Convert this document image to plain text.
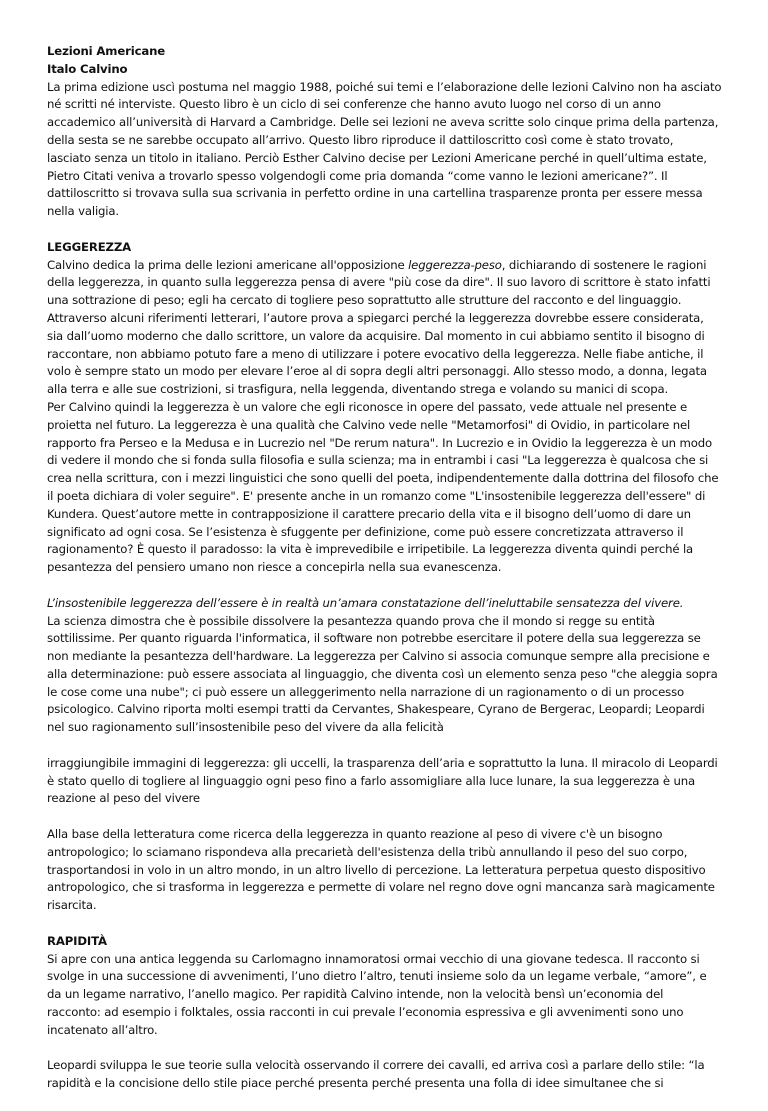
Lezioni Americane
Italo Calvino

La prima edizione uscì postuma nel maggio 1988, poiché sui temi e l’elaborazione delle lezioni Calvino non ha asciato
né scritti né interviste. Questo libro è un ciclo di sei conferenze che hanno avuto luogo nel corso di un anno
accademico all’università di Harvard a Cambridge. Delle sei lezioni ne aveva scritte solo cinque prima della partenza,
della sesta se ne sarebbe occupato all’arrivo. Questo libro riproduce il dattiloscritto così come è stato trovato,
lasciato senza un titolo in italiano. Perciò Esther Calvino decise per Lezioni Americane perché in quell’ultima estate,
Pietro Citati veniva a trovarlo spesso volgendogli come pria domanda “come vanno le lezioni americane?”. Il
dattiloscritto si trovava sulla sua scrivania in perfetto ordine in una cartellina trasparenze pronta per essere messa
nella valigia.

LEGGEREZZA

Calvino dedica la prima delle lezioni americane all'opposizione leggerezza-peso, dichiarando di sostenere le ragioni
della leggerezza, in quanto sulla leggerezza pensa di avere "più cose da dire". Il suo lavoro di scrittore è stato infatti
una sottrazione di peso; egli ha cercato di togliere peso soprattutto alle strutture del racconto e del linguaggio.
Attraverso alcuni riferimenti letterari, l’autore prova a spiegarci perché la leggerezza dovrebbe essere considerata,
sia dall’uomo moderno che dallo scrittore, un valore da acquisire. Dal momento in cui abbiamo sentito il bisogno di
raccontare, non abbiamo potuto fare a meno di utilizzare i potere evocativo della leggerezza. Nelle fiabe antiche, il
volo è sempre stato un modo per elevare l’eroe al di sopra degli altri personaggi. Allo stesso modo, a donna, legata
alla terra e alle sue costrizioni, si trasfigura, nella leggenda, diventando strega e volando su manici di scopa.
Per Calvino quindi la leggerezza è un valore che egli riconosce in opere del passato, vede attuale nel presente e
proietta nel futuro. La leggerezza è una qualità che Calvino vede nelle "Metamorfosi" di Ovidio, in particolare nel
rapporto fra Perseo e la Medusa e in Lucrezio nel "De rerum natura". In Lucrezio e in Ovidio la leggerezza è un modo
di vedere il mondo che si fonda sulla filosofia e sulla scienza; ma in entrambi i casi "La leggerezza è qualcosa che si
crea nella scrittura, con i mezzi linguistici che sono quelli del poeta, indipendentemente dalla dottrina del filosofo che
il poeta dichiara di voler seguire". E' presente anche in un romanzo come "L'insostenibile leggerezza dell'essere" di
Kundera. Quest’autore mette in contrapposizione il carattere precario della vita e il bisogno dell’uomo di dare un
significato ad ogni cosa. Se l’esistenza è sfuggente per definizione, come può essere concretizzata attraverso il
ragionamento? È questo il paradosso: la vita è imprevedibile e irripetibile. La leggerezza diventa quindi perché la
pesantezza del pensiero umano non riesce a concepirla nella sua evanescenza.

L’insostenibile leggerezza dell’essere è in realtà un’amara constatazione dell’ineluttabile sensatezza del vivere.

La scienza dimostra che è possibile dissolvere la pesantezza quando prova che il mondo si regge su entità
sottilissime. Per quanto riguarda l'informatica, il software non potrebbe esercitare il potere della sua leggerezza se
non mediante la pesantezza dell'hardware. La leggerezza per Calvino si associa comunque sempre alla precisione e
alla determinazione: può essere associata al linguaggio, che diventa così un elemento senza peso "che aleggia sopra
le cose come una nube"; ci può essere un alleggerimento nella narrazione di un ragionamento o di un processo
psicologico. Calvino riporta molti esempi tratti da Cervantes, Shakespeare, Cyrano de Bergerac, Leopardi; Leopardi
nel suo ragionamento sull’insostenibile peso del vivere da alla felicità

irraggiungibile immagini di leggerezza: gli uccelli, la trasparenza dell’aria e soprattutto la luna. Il miracolo di Leopardi
è stato quello di togliere al linguaggio ogni peso fino a farlo assomigliare alla luce lunare, la sua leggerezza è una
reazione al peso del vivere

Alla base della letteratura come ricerca della leggerezza in quanto reazione al peso di vivere c'è un bisogno
antropologico; lo sciamano rispondeva alla precarietà dell'esistenza della tribù annullando il peso del suo corpo,
trasportandosi in volo in un altro mondo, in un altro livello di percezione. La letteratura perpetua questo dispositivo
antropologico, che si trasforma in leggerezza e permette di volare nel regno dove ogni mancanza sarà magicamente
risarcita.

RAPIDITÀ

Si apre con una antica leggenda su Carlomagno innamoratosi ormai vecchio di una giovane tedesca. Il racconto si
svolge in una successione di avvenimenti, l’uno dietro l’altro, tenuti insieme solo da un legame verbale, “amore”, e
da un legame narrativo, l’anello magico. Per rapidità Calvino intende, non la velocità bensì un’economia del
racconto: ad esempio i folktales, ossia racconti in cui prevale l’economia espressiva e gli avvenimenti sono uno
incatenato all’altro.

Leopardi sviluppa le sue teorie sulla velocità osservando il correre dei cavalli, ed arriva così a parlare dello stile: “la
rapidità e la concisione dello stile piace perché presenta perché presenta una folla di idee simultanee che si
